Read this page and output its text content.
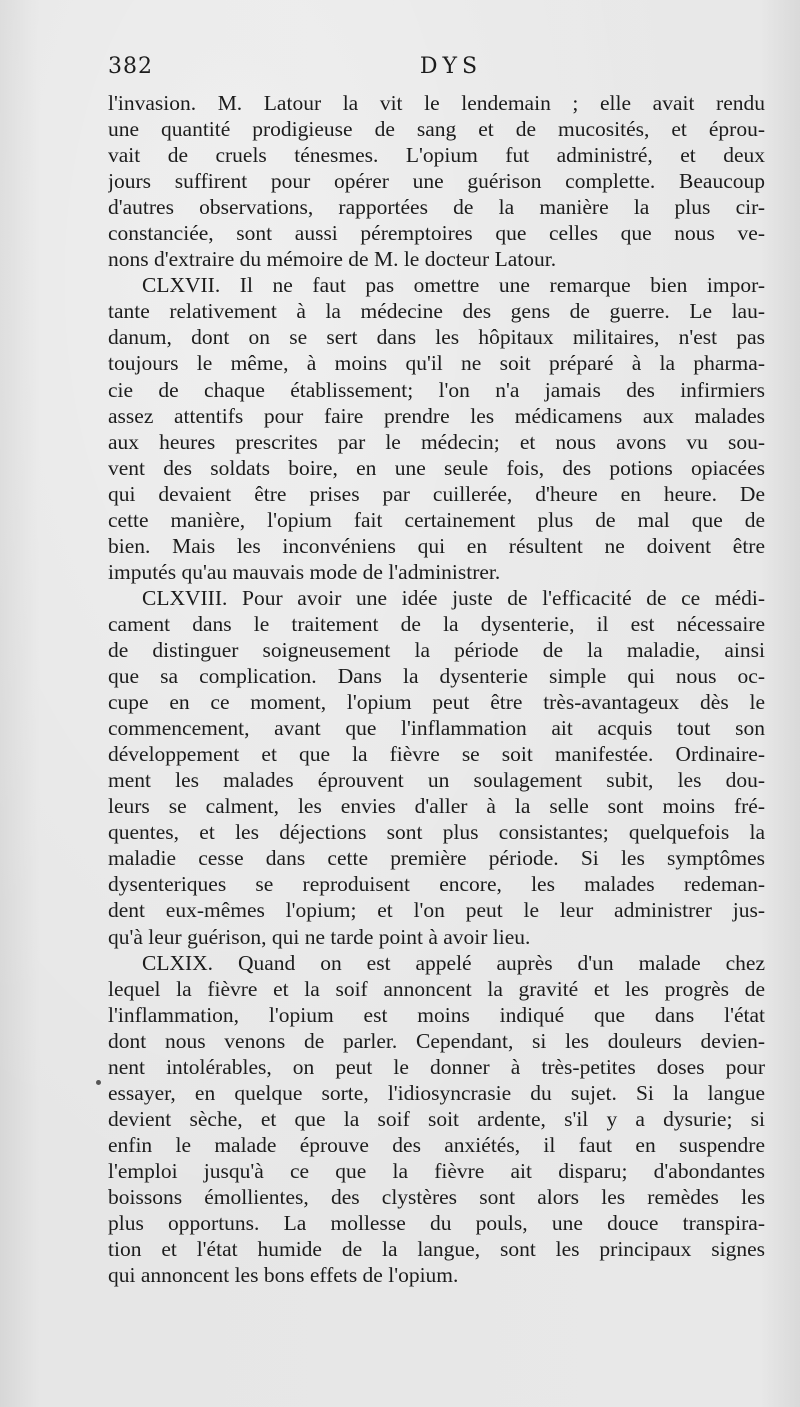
382	DYS
l'invasion. M. Latour la vit le lendemain ; elle avait rendu
une quantité prodigieuse de sang et de mucosités, et éprou-
vait de cruels ténesmes. L'opium fut administré, et deux
jours suffirent pour opérer une guérison complette. Beaucoup
d'autres observations, rapportées de la manière la plus cir-
constanciée, sont aussi péremptoires que celles que nous ve-
nons d'extraire du mémoire de M. le docteur Latour.
CLXVII. Il ne faut pas omettre une remarque bien impor-
tante relativement à la médecine des gens de guerre. Le lau-
danum, dont on se sert dans les hôpitaux militaires, n'est pas
toujours le même, à moins qu'il ne soit préparé à la pharma-
cie de chaque établissement; l'on n'a jamais des infirmiers
assez attentifs pour faire prendre les médicamens aux malades
aux heures prescrites par le médecin; et nous avons vu sou-
vent des soldats boire, en une seule fois, des potions opiacées
qui devaient être prises par cuillerée, d'heure en heure. De
cette manière, l'opium fait certainement plus de mal que de
bien. Mais les inconvéniens qui en résultent ne doivent être
imputés qu'au mauvais mode de l'administrer.
CLXVIII. Pour avoir une idée juste de l'efficacité de ce médi-
cament dans le traitement de la dysenterie, il est nécessaire
de distinguer soigneusement la période de la maladie, ainsi
que sa complication. Dans la dysenterie simple qui nous oc-
cupe en ce moment, l'opium peut être très-avantageux dès le
commencement, avant que l'inflammation ait acquis tout son
développement et que la fièvre se soit manifestée. Ordinaire-
ment les malades éprouvent un soulagement subit, les dou-
leurs se calment, les envies d'aller à la selle sont moins fré-
quentes, et les déjections sont plus consistantes; quelquefois la
maladie cesse dans cette première période. Si les symptômes
dysenteriques se reproduisent encore, les malades redeman-
dent eux-mêmes l'opium; et l'on peut le leur administrer jus-
qu'à leur guérison, qui ne tarde point à avoir lieu.
CLXIX. Quand on est appelé auprès d'un malade chez
lequel la fièvre et la soif annoncent la gravité et les progrès de
l'inflammation, l'opium est moins indiqué que dans l'état
dont nous venons de parler. Cependant, si les douleurs devien-
nent intolérables, on peut le donner à très-petites doses pour
essayer, en quelque sorte, l'idiosyncrasie du sujet. Si la langue
devient sèche, et que la soif soit ardente, s'il y a dysurie; si
enfin le malade éprouve des anxiétés, il faut en suspendre
l'emploi jusqu'à ce que la fièvre ait disparu; d'abondantes
boissons émollientes, des clystères sont alors les remèdes les
plus opportuns. La mollesse du pouls, une douce transpira-
tion et l'état humide de la langue, sont les principaux signes
qui annoncent les bons effets de l'opium.
